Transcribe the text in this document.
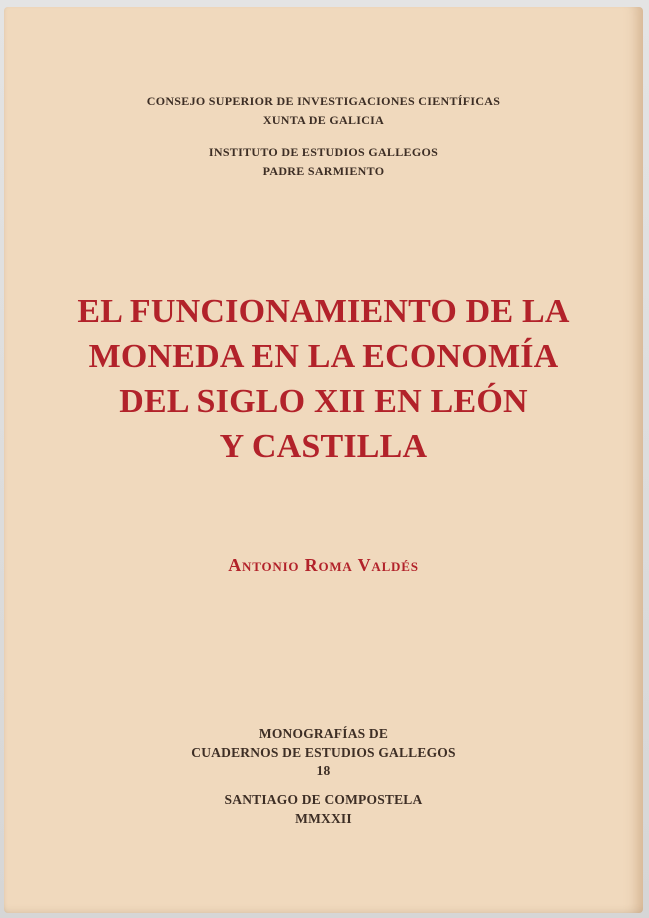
CONSEJO SUPERIOR DE INVESTIGACIONES CIENTÍFICAS
XUNTA DE GALICIA
INSTITUTO DE ESTUDIOS GALLEGOS
PADRE SARMIENTO
EL FUNCIONAMIENTO DE LA
MONEDA EN LA ECONOMÍA
DEL SIGLO XII EN LEÓN
Y CASTILLA
Antonio Roma Valdés
MONOGRAFÍAS DE
CUADERNOS DE ESTUDIOS GALLEGOS
18
SANTIAGO DE COMPOSTELA
MMXXII
